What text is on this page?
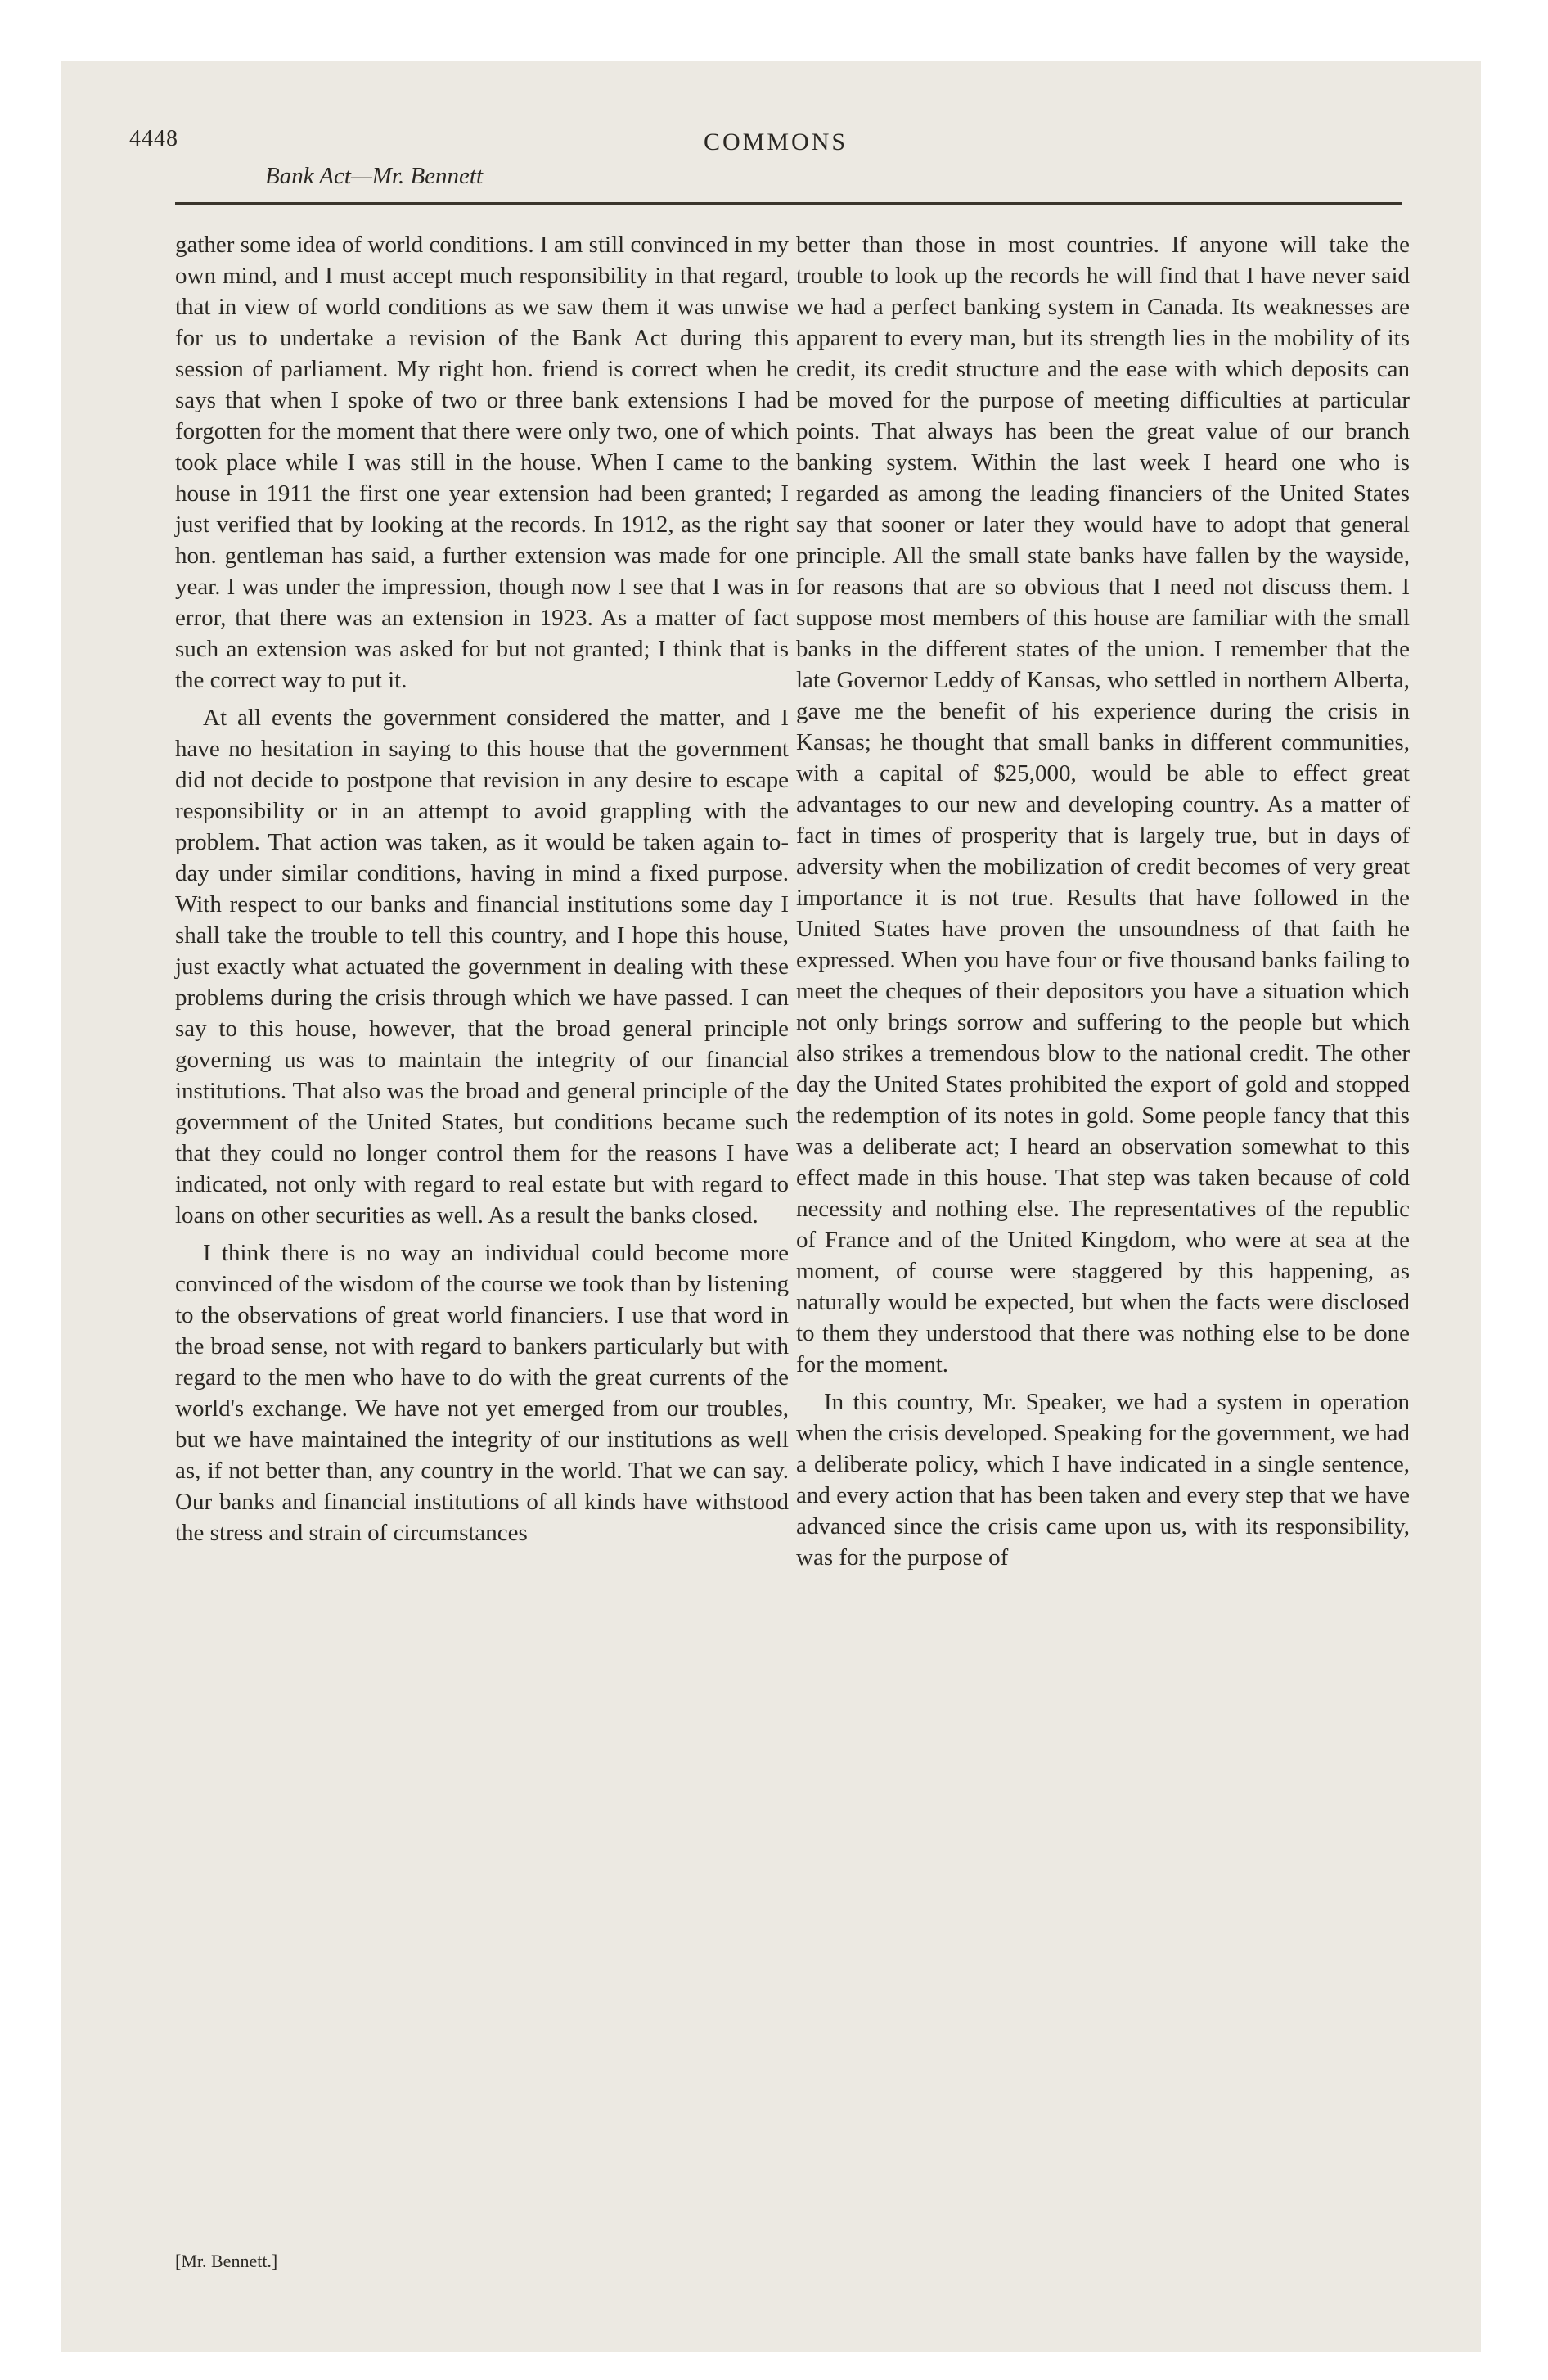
4448	COMMONS

Bank Act—Mr. Bennett

gather some idea of world conditions. I am still convinced in my own mind, and I must accept much responsibility in that regard, that in view of world conditions as we saw them it was unwise for us to undertake a revision of the Bank Act during this session of parliament. My right hon. friend is correct when he says that when I spoke of two or three bank extensions I had forgotten for the moment that there were only two, one of which took place while I was still in the house. When I came to the house in 1911 the first one year extension had been granted; I just verified that by looking at the records. In 1912, as the right hon. gentleman has said, a further extension was made for one year. I was under the impression, though now I see that I was in error, that there was an extension in 1923. As a matter of fact such an extension was asked for but not granted; I think that is the correct way to put it.

At all events the government considered the matter, and I have no hesitation in saying to this house that the government did not decide to postpone that revision in any desire to escape responsibility or in an attempt to avoid grappling with the problem. That action was taken, as it would be taken again to-day under similar conditions, having in mind a fixed purpose. With respect to our banks and financial institutions some day I shall take the trouble to tell this country, and I hope this house, just exactly what actuated the government in dealing with these problems during the crisis through which we have passed. I can say to this house, however, that the broad general principle governing us was to maintain the integrity of our financial institutions. That also was the broad and general principle of the government of the United States, but conditions became such that they could no longer control them for the reasons I have indicated, not only with regard to real estate but with regard to loans on other securities as well. As a result the banks closed.

I think there is no way an individual could become more convinced of the wisdom of the course we took than by listening to the observations of great world financiers. I use that word in the broad sense, not with regard to bankers particularly but with regard to the men who have to do with the great currents of the world's exchange. We have not yet emerged from our troubles, but we have maintained the integrity of our institutions as well as, if not better than, any country in the world. That we can say. Our banks and financial institutions of all kinds have withstood the stress and strain of circumstances

better than those in most countries. If anyone will take the trouble to look up the records he will find that I have never said we had a perfect banking system in Canada. Its weaknesses are apparent to every man, but its strength lies in the mobility of its credit, its credit structure and the ease with which deposits can be moved for the purpose of meeting difficulties at particular points. That always has been the great value of our branch banking system. Within the last week I heard one who is regarded as among the leading financiers of the United States say that sooner or later they would have to adopt that general principle. All the small state banks have fallen by the wayside, for reasons that are so obvious that I need not discuss them. I suppose most members of this house are familiar with the small banks in the different states of the union. I remember that the late Governor Leddy of Kansas, who settled in northern Alberta, gave me the benefit of his experience during the crisis in Kansas; he thought that small banks in different communities, with a capital of $25,000, would be able to effect great advantages to our new and developing country. As a matter of fact in times of prosperity that is largely true, but in days of adversity when the mobilization of credit becomes of very great importance it is not true. Results that have followed in the United States have proven the unsoundness of that faith he expressed. When you have four or five thousand banks failing to meet the cheques of their depositors you have a situation which not only brings sorrow and suffering to the people but which also strikes a tremendous blow to the national credit. The other day the United States prohibited the export of gold and stopped the redemption of its notes in gold. Some people fancy that this was a deliberate act; I heard an observation somewhat to this effect made in this house. That step was taken because of cold necessity and nothing else. The representatives of the republic of France and of the United Kingdom, who were at sea at the moment, of course were staggered by this happening, as naturally would be expected, but when the facts were disclosed to them they understood that there was nothing else to be done for the moment.

In this country, Mr. Speaker, we had a system in operation when the crisis developed. Speaking for the government, we had a deliberate policy, which I have indicated in a single sentence, and every action that has been taken and every step that we have advanced since the crisis came upon us, with its responsibility, was for the purpose of

[Mr. Bennett.]
